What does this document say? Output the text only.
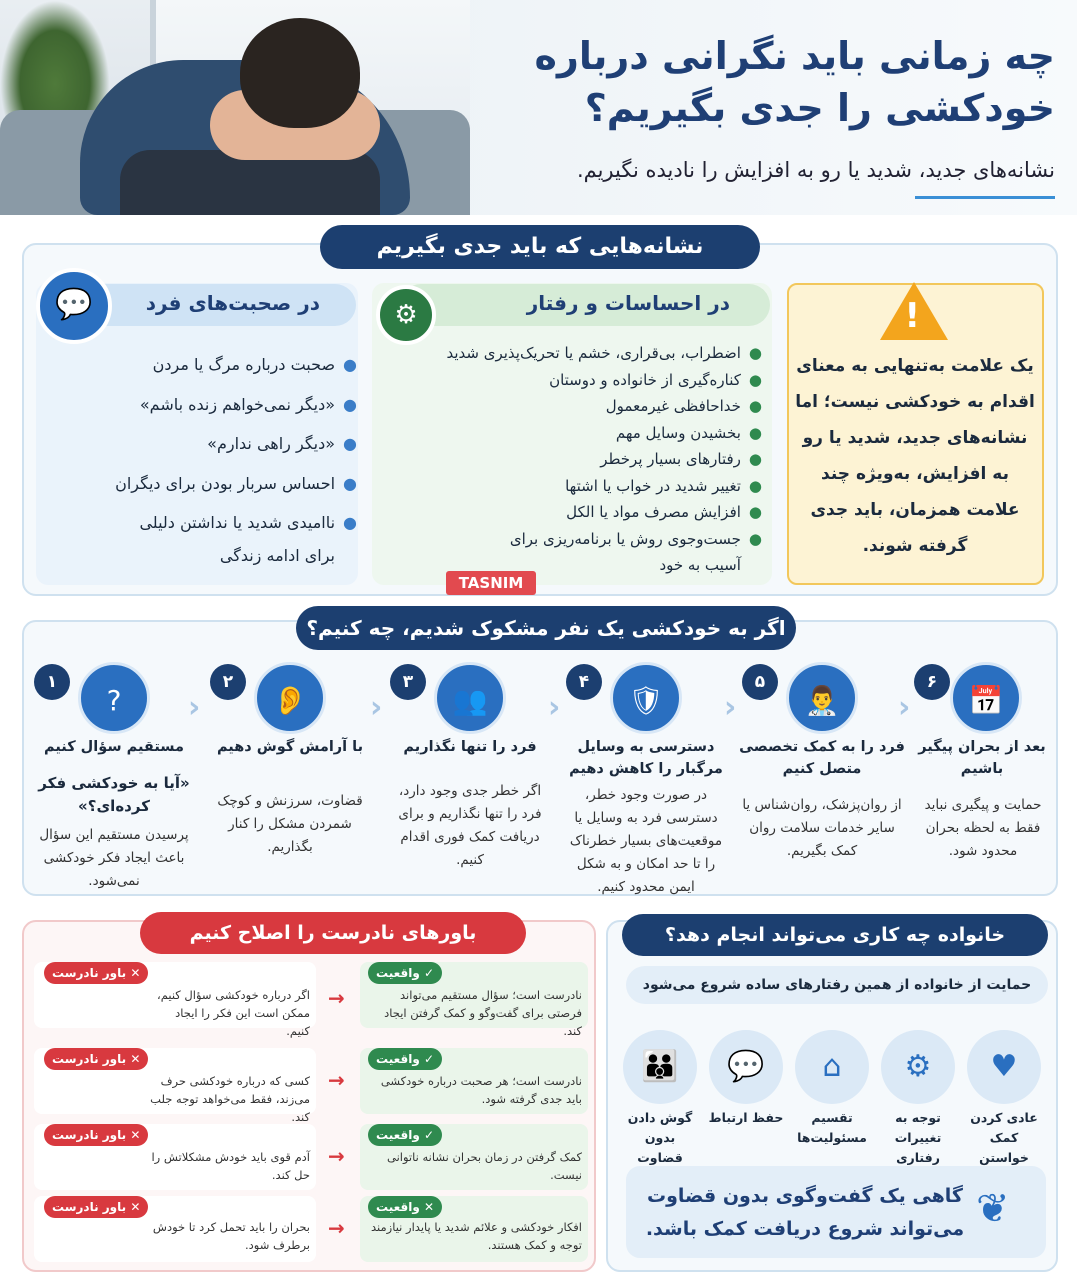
چه زمانی باید نگرانی درباره خودکشی را جدی بگیریم؟
نشانه‌های جدید، شدید یا رو به افزایش را نادیده نگیریم.
نشانه‌هایی که باید جدی بگیریم
!
یک علامت به‌تنهایی به معنای اقدام به خودکشی نیست؛ اما نشانه‌های جدید، شدید یا رو به افزایش، به‌ویژه چند علامت همزمان، باید جدی گرفته شوند.
در احساسات و رفتار
⚙
●اضطراب، بی‌قراری، خشم یا تحریک‌پذیری شدید
●کناره‌گیری از خانواده و دوستان
●خداحافظی غیرمعمول
●بخشیدن وسایل مهم
●رفتارهای بسیار پرخطر
●تغییر شدید در خواب یا اشتها
●افزایش مصرف مواد یا الکل
●جست‌وجوی روش یا برنامه‌ریزی برای
آسیب به خود
در صحبت‌های فرد
💬
●صحبت درباره مرگ یا مردن
●«دیگر نمی‌خواهم زنده باشم»
●«دیگر راهی ندارم»
●احساس سربار بودن برای دیگران
●ناامیدی شدید یا نداشتن دلیلی
برای ادامه زندگی
TASNIM
اگر به خودکشی یک نفر مشکوک شدیم، چه کنیم؟
۱
?
مستقیم سؤال کنیم
«آیا به خودکشی فکر کرده‌ای؟»
پرسیدن مستقیم این سؤال باعث ایجاد فکر خودکشی نمی‌شود.
‹
۲
👂
با آرامش گوش دهیم
قضاوت، سرزنش و کوچک شمردن مشکل را کنار بگذاریم.
‹
۳
👥
فرد را تنها نگذاریم
اگر خطر جدی وجود دارد، فرد را تنها نگذاریم و برای دریافت کمک فوری اقدام کنیم.
‹
۴
🛡
دسترسی به وسایل مرگبار را کاهش دهیم
در صورت وجود خطر، دسترسی فرد به وسایل یا موقعیت‌های بسیار خطرناک را تا حد امکان و به شکل ایمن محدود کنیم.
‹
۵
👨‍⚕
فرد را به کمک تخصصی متصل کنیم
از روان‌پزشک، روان‌شناس یا سایر خدمات سلامت روان کمک بگیریم.
‹
۶
📅
بعد از بحران پیگیر باشیم
حمایت و پیگیری نباید فقط به لحظه بحران محدود شود.
باورهای نادرست را اصلاح کنیم
✕ باور نادرست
اگر درباره خودکشی سؤال کنیم، ممکن است این فکر را ایجاد کنیم.
→
✓ واقعیت
نادرست است؛ سؤال مستقیم می‌تواند فرصتی برای گفت‌وگو و کمک گرفتن ایجاد کند.
✕ باور نادرست
کسی که درباره خودکشی حرف می‌زند، فقط می‌خواهد توجه جلب کند.
→
✓ واقعیت
نادرست است؛ هر صحبت درباره خودکشی باید جدی گرفته شود.
✕ باور نادرست
آدم قوی باید خودش مشکلاتش را حل کند.
→
✓ واقعیت
کمک گرفتن در زمان بحران نشانه ناتوانی نیست.
✕ باور نادرست
بحران را باید تحمل کرد تا خودش برطرف شود.
→
✕ واقعیت
افکار خودکشی و علائم شدید یا پایدار نیازمند توجه و کمک هستند.
خانواده چه کاری می‌تواند انجام دهد؟
حمایت از خانواده از همین رفتارهای ساده شروع می‌شود
👪
گوش دادن بدون قضاوت
💬
حفظ ارتباط
⌂
تقسیم مسئولیت‌ها
⚙
توجه به تغییرات رفتاری
♥
عادی کردن کمک خواستن
گاهی یک گفت‌وگوی بدون قضاوت می‌تواند شروع دریافت کمک باشد. ❦
